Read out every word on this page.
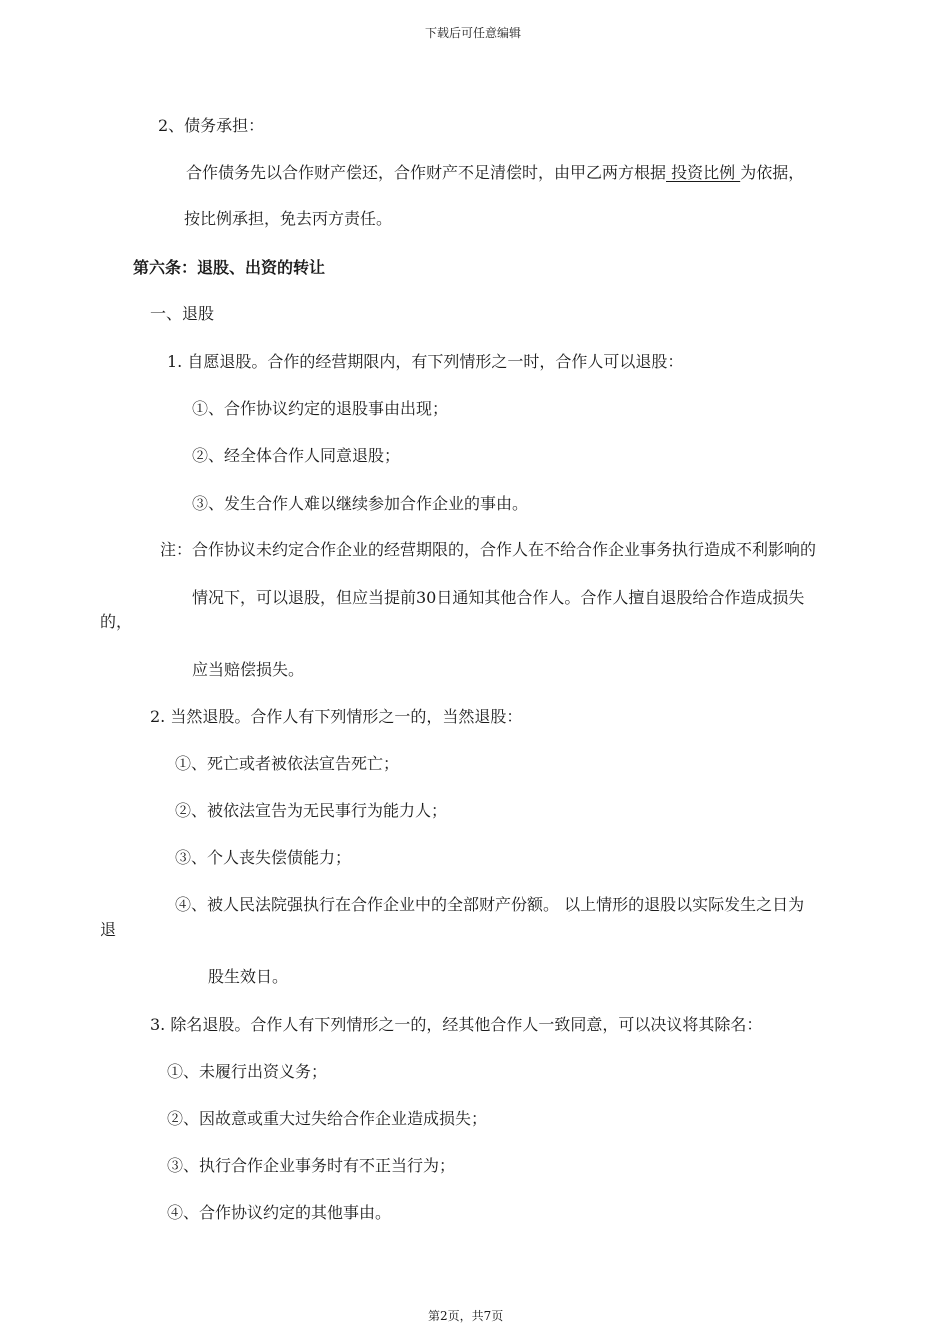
下载后可任意编辑
2、债务承担：
合作债务先以合作财产偿还，合作财产不足清偿时，由甲乙两方根据 投资比例 为依据，
按比例承担，免去丙方责任。
第六条：退股、出资的转让
一、退股
1. 自愿退股。合作的经营期限内，有下列情形之一时，合作人可以退股：
①、合作协议约定的退股事由出现；
②、经全体合作人同意退股；
③、发生合作人难以继续参加合作企业的事由。
注：合作协议未约定合作企业的经营期限的，合作人在不给合作企业事务执行造成不利影响的
情况下，可以退股，但应当提前30日通知其他合作人。合作人擅自退股给合作造成损失
的，
应当赔偿损失。
2. 当然退股。合作人有下列情形之一的，当然退股：
①、死亡或者被依法宣告死亡；
②、被依法宣告为无民事行为能力人；
③、个人丧失偿债能力；
④、被人民法院强执行在合作企业中的全部财产份额。 以上情形的退股以实际发生之日为
退
股生效日。
3. 除名退股。合作人有下列情形之一的，经其他合作人一致同意，可以决议将其除名：
①、未履行出资义务；
②、因故意或重大过失给合作企业造成损失；
③、执行合作企业事务时有不正当行为；
④、合作协议约定的其他事由。
第2页，共7页
